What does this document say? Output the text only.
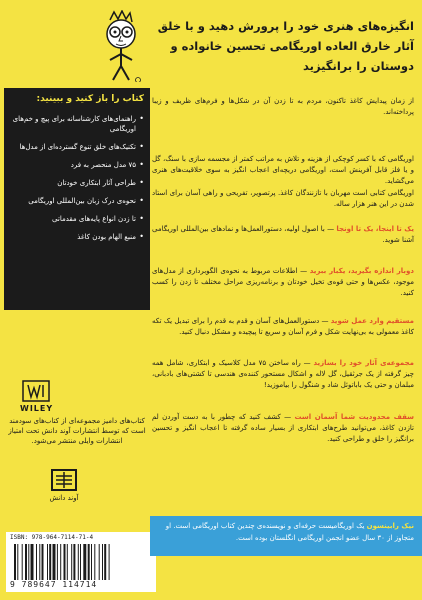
کتاب را باز کنید و ببینید:
• راهنمای‌های کارشناسانه برای پیچ و خم‌های اوریگامی
• تکنیک‌های خلق تنوع گسترده‌ای از مدل‌ها
• ۷۵ مدل منحصر به فرد
• طراحی آثار ابتکاری خودتان
• نحوه‌ی درک زبان بین‌المللی اوریگامی
• تا زدن انواع پایه‌های مقدماتی
• منبع الهام بودن کاغذ
WILEY
کتاب‌های دامیز مجموعه‌ای از کتاب‌های سودمند است که توسط انتشارات آوند دانش تحت امتیاز انتشارات وایلی منتشر می‌شود.
آوند دانش
ISBN: 978-964-7114-71-4
9 789647 114714
انگیزه‌های هنری خود را پرورش دهید و با خلق آثار خارق العاده اوریگامی تحسین خانواده و دوستان را برانگیزید

از زمان پیدایش کاغذ تاکنون، مردم به تا زدن آن در شکل‌ها و فرم‌های ظریف و زیبا پرداخته‌اند.

اوریگامی که با کسر کوچکی از هزینه و تلاش به مراتب کمتر از مجسمه سازی با سنگ، گل و یا فلز قابل آفرینش است، اوریگامی دریچه‌ای اعجاب انگیز به سوی خلاقیت‌های هنری می‌گشاید.

اوریگامی کتابی است مهربان با تازنندگان کاغذ. پرتصویر، تفریحی و راهی آسان برای استاد شدن در این هنر هزار ساله.

یک تا اینجا، یک تا اونجا — با اصول اولیه، دستورالعمل‌ها و نمادهای بین‌المللی اوریگامی آشنا شوید.

دوبار اندازه بگیرید، یکبار ببرید — اطلاعات مربوط به نحوه‌ی الگوبرداری از مدل‌های موجود، عکس‌ها و حتی قوه‌ی تخیل خودتان و برنامه‌ریزی مراحل مختلف تا زدن را کسب کنید.

مستقیم وارد عمل شوید — دستورالعمل‌های آسان و قدم به قدم را برای تبدیل یک تکه کاغذ معمولی به بی‌نهایت شکل و فرم آسان و سریع تا پیچیده و مشکل دنبال کنید.

مجموعه‌ی آثار خود را بسازید — راه ساختن ۷۵ مدل کلاسیک و ابتکاری، شامل همه چیز گرفته از یک جرثقیل، گل لاله و اشکال مستحور کننده‌ی هندسی تا کشتی‌های بادبانی، مبلمان و حتی یک باباتوئل شاد و شنگول را بیاموزید!

سقف محدودیت شما آسمان است — کشف کنید که چطور با به دست آوردن لم تازدن کاغذ، می‌توانید طرح‌های ابتکاری از بسیار ساده گرفته تا اعجاب انگیز و تحسین برانگیز را خلق و طراحی کنید.

نیک رابینسون یک اوریگامیست حرفه‌ای و نویسنده‌ی چندین کتاب اوریگامی است. او متجاوز از ۳۰ سال عضو انجمن اوریگامی انگلستان بوده است.
